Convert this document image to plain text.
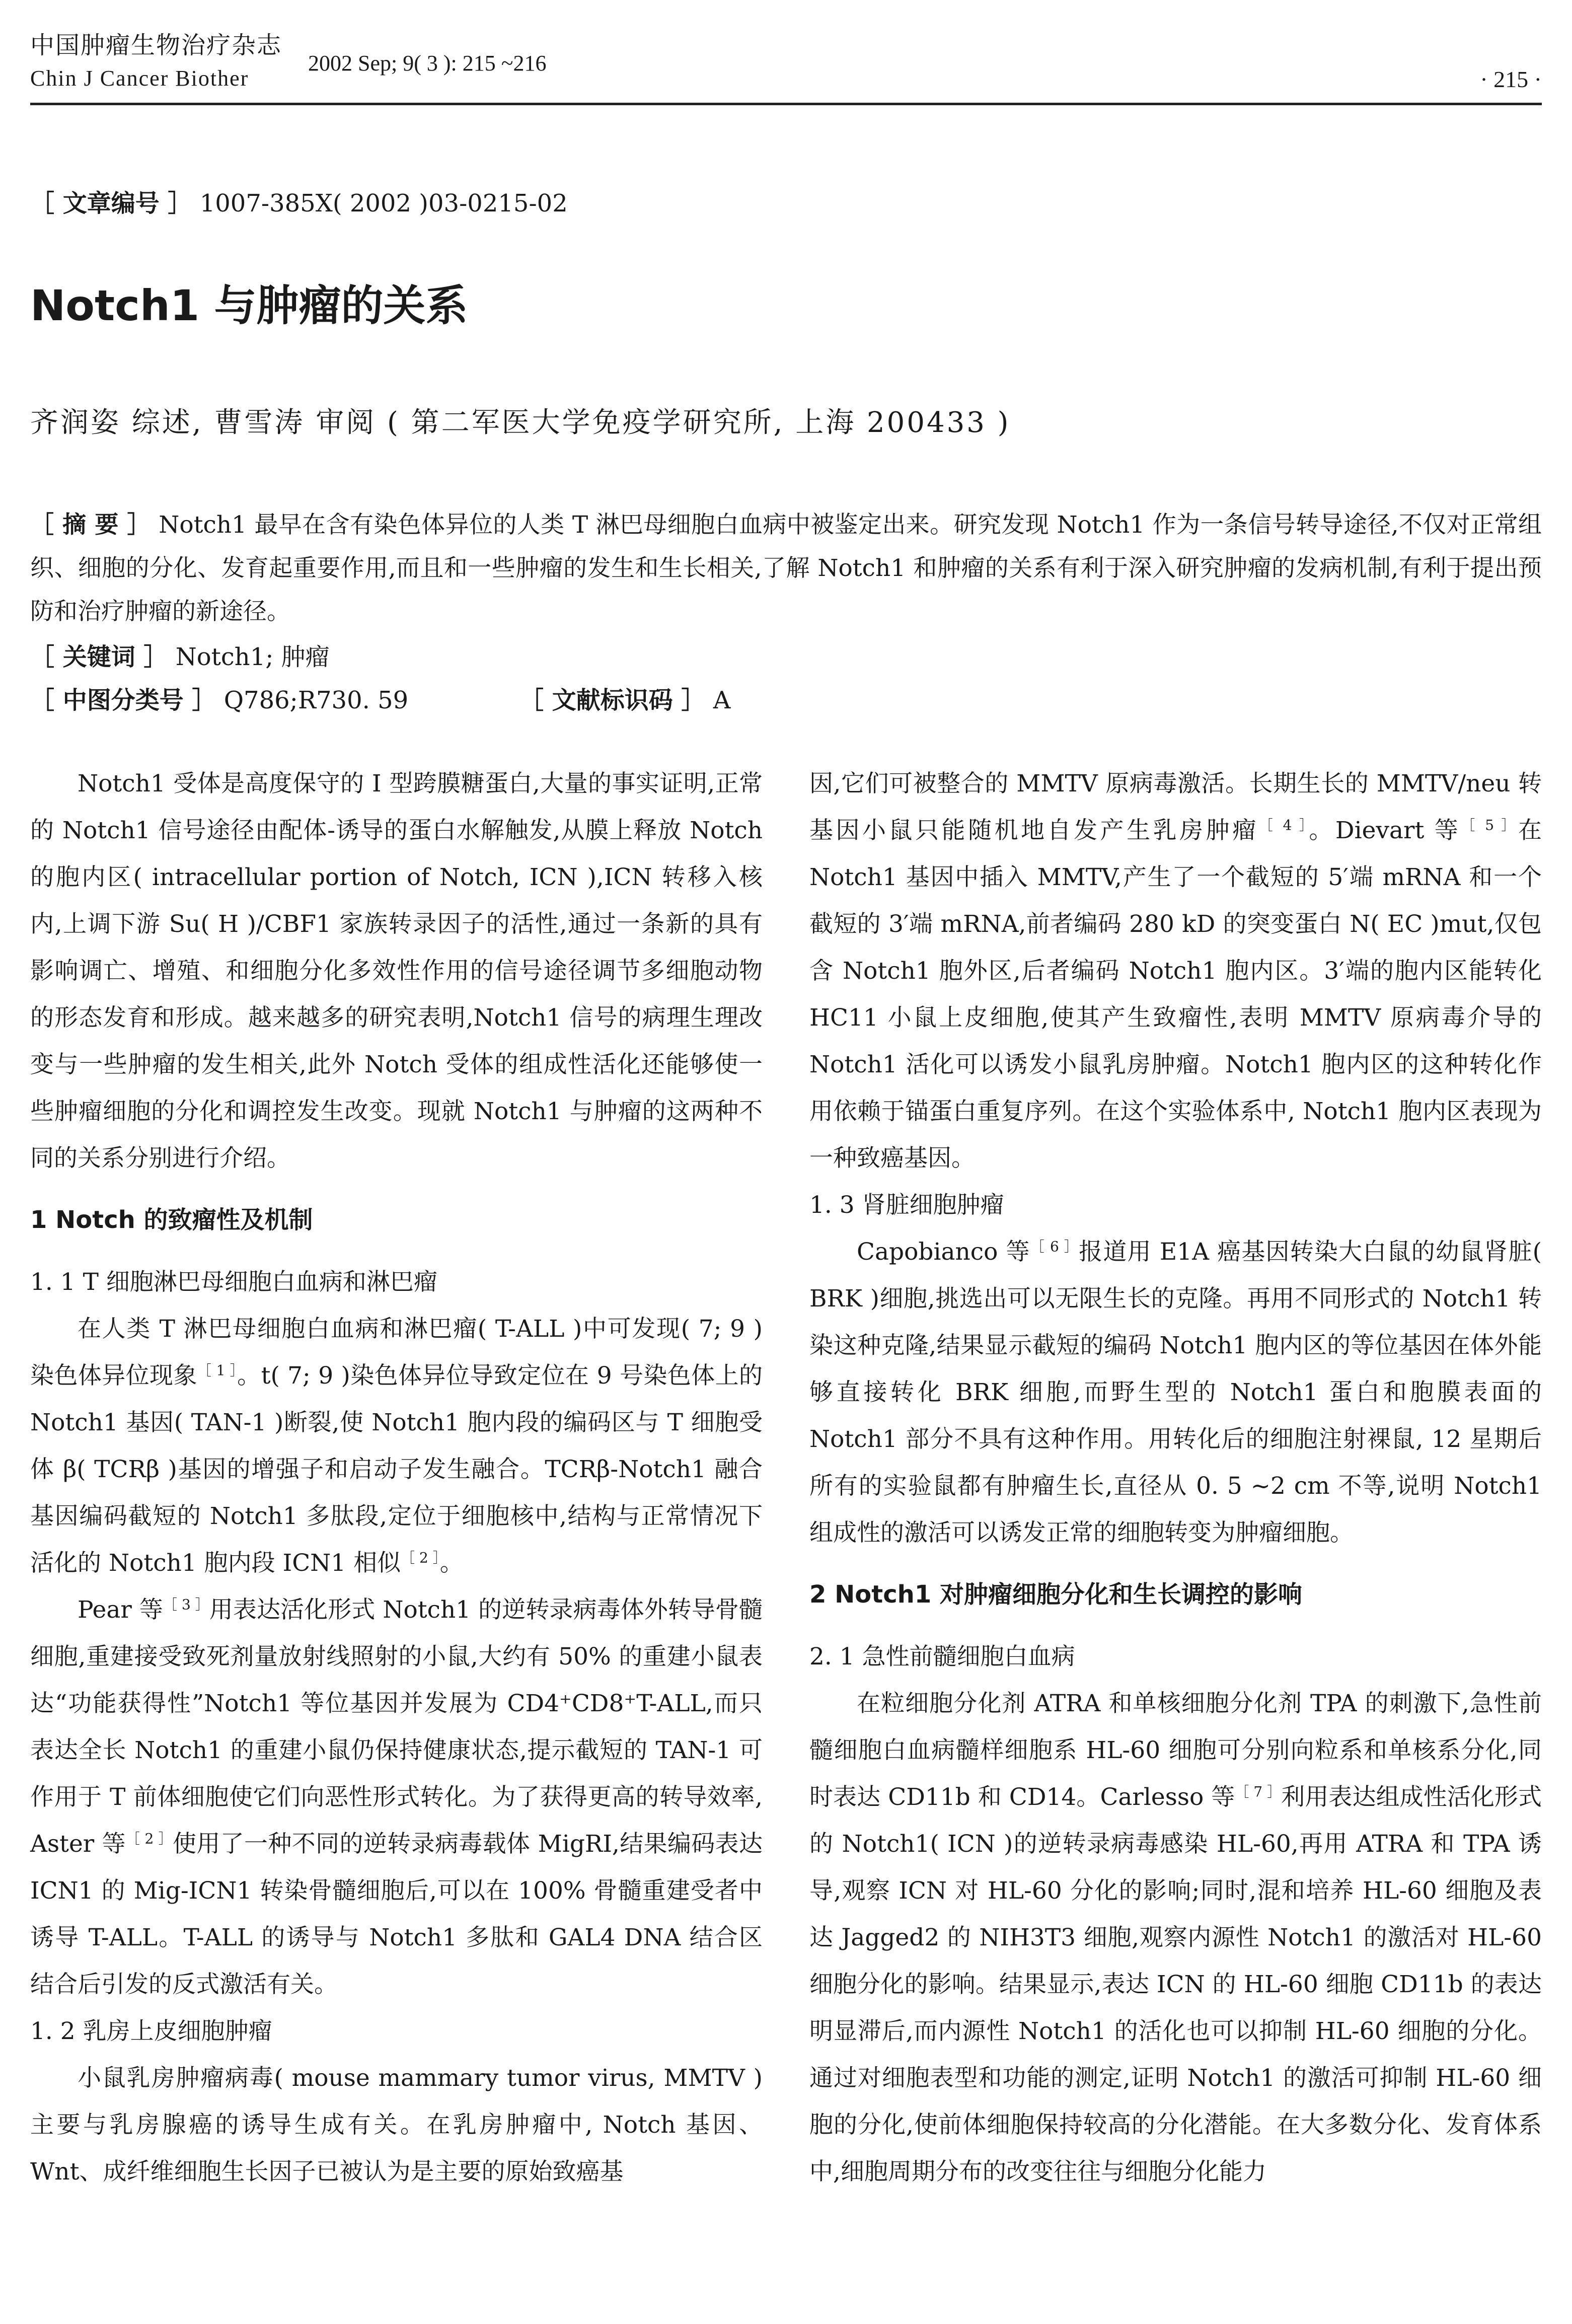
中国肿瘤生物治疗杂志
Chin J Cancer Biother
2002 Sep; 9( 3 ): 215 ~216
· 215 ·
［ 文章编号 ］ 1007-385X( 2002 )03-0215-02
Notch1 与肿瘤的关系
齐润姿 综述, 曹雪涛 审阅 ( 第二军医大学免疫学研究所, 上海 200433 )
［ 摘 要 ］ Notch1 最早在含有染色体异位的人类 T 淋巴母细胞白血病中被鉴定出来。研究发现 Notch1 作为一条信号转导途径,不仅对正常组织、细胞的分化、发育起重要作用,而且和一些肿瘤的发生和生长相关,了解 Notch1 和肿瘤的关系有利于深入研究肿瘤的发病机制,有利于提出预防和治疗肿瘤的新途径。
［ 关键词 ］ Notch1; 肿瘤
［ 中图分类号 ］ Q786;R730. 59	［ 文献标识码 ］ A

Notch1 受体是高度保守的 Ⅰ 型跨膜糖蛋白,大量的事实证明,正常的 Notch1 信号途径由配体-诱导的蛋白水解触发,从膜上释放 Notch 的胞内区( intracellular portion of Notch, ICN ),ICN 转移入核内,上调下游 Su( H )/CBF1 家族转录因子的活性,通过一条新的具有影响调亡、增殖、和细胞分化多效性作用的信号途径调节多细胞动物的形态发育和形成。越来越多的研究表明,Notch1 信号的病理生理改变与一些肿瘤的发生相关,此外 Notch 受体的组成性活化还能够使一些肿瘤细胞的分化和调控发生改变。现就 Notch1 与肿瘤的这两种不同的关系分别进行介绍。

1 Notch 的致瘤性及机制

1. 1 T 细胞淋巴母细胞白血病和淋巴瘤

在人类 T 淋巴母细胞白血病和淋巴瘤( T-ALL )中可发现( 7; 9 )染色体异位现象$^{[ 1 ]}$。t( 7; 9 )染色体异位导致定位在 9 号染色体上的 Notch1 基因( TAN-1 )断裂,使 Notch1 胞内段的编码区与 T 细胞受体 β( TCRβ )基因的增强子和启动子发生融合。TCRβ-Notch1 融合基因编码截短的 Notch1 多肽段,定位于细胞核中,结构与正常情况下活化的 Notch1 胞内段 ICN1 相似$^{[ 2 ]}$。

Pear 等$^{[ 3 ]}$用表达活化形式 Notch1 的逆转录病毒体外转导骨髓细胞,重建接受致死剂量放射线照射的小鼠,大约有 50% 的重建小鼠表达“功能获得性”Notch1 等位基因并发展为 CD4⁺CD8⁺T-ALL,而只表达全长 Notch1 的重建小鼠仍保持健康状态,提示截短的 TAN-1 可作用于 T 前体细胞使它们向恶性形式转化。为了获得更高的转导效率, Aster 等$^{[ 2 ]}$使用了一种不同的逆转录病毒载体 MigRI,结果编码表达 ICN1 的 Mig-ICN1 转染骨髓细胞后,可以在 100% 骨髓重建受者中诱导 T-ALL。T-ALL 的诱导与 Notch1 多肽和 GAL4 DNA 结合区结合后引发的反式激活有关。

1. 2 乳房上皮细胞肿瘤

小鼠乳房肿瘤病毒( mouse mammary tumor virus, MMTV )主要与乳房腺癌的诱导生成有关。在乳房肿瘤中, Notch 基因、Wnt、成纤维细胞生长因子已被认为是主要的原始致癌基

因,它们可被整合的 MMTV 原病毒激活。长期生长的 MMTV/neu 转基因小鼠只能随机地自发产生乳房肿瘤$^{[ 4 ]}$。Dievart 等$^{[ 5 ]}$在 Notch1 基因中插入 MMTV,产生了一个截短的 5′端 mRNA 和一个截短的 3′端 mRNA,前者编码 280 kD 的突变蛋白 N( EC )mut,仅包含 Notch1 胞外区,后者编码 Notch1 胞内区。3′端的胞内区能转化 HC11 小鼠上皮细胞,使其产生致瘤性,表明 MMTV 原病毒介导的 Notch1 活化可以诱发小鼠乳房肿瘤。Notch1 胞内区的这种转化作用依赖于锚蛋白重复序列。在这个实验体系中, Notch1 胞内区表现为一种致癌基因。

1. 3 肾脏细胞肿瘤

Capobianco 等$^{[ 6 ]}$报道用 E1A 癌基因转染大白鼠的幼鼠肾脏( BRK )细胞,挑选出可以无限生长的克隆。再用不同形式的 Notch1 转染这种克隆,结果显示截短的编码 Notch1 胞内区的等位基因在体外能够直接转化 BRK 细胞,而野生型的 Notch1 蛋白和胞膜表面的 Notch1 部分不具有这种作用。用转化后的细胞注射裸鼠, 12 星期后所有的实验鼠都有肿瘤生长,直径从 0. 5 ~2 cm 不等,说明 Notch1 组成性的激活可以诱发正常的细胞转变为肿瘤细胞。

2 Notch1 对肿瘤细胞分化和生长调控的影响

2. 1 急性前髓细胞白血病

在粒细胞分化剂 ATRA 和单核细胞分化剂 TPA 的刺激下,急性前髓细胞白血病髓样细胞系 HL-60 细胞可分别向粒系和单核系分化,同时表达 CD11b 和 CD14。Carlesso 等$^{[ 7 ]}$利用表达组成性活化形式的 Notch1( ICN )的逆转录病毒感染 HL-60,再用 ATRA 和 TPA 诱导,观察 ICN 对 HL-60 分化的影响;同时,混和培养 HL-60 细胞及表达 Jagged2 的 NIH3T3 细胞,观察内源性 Notch1 的激活对 HL-60 细胞分化的影响。结果显示,表达 ICN 的 HL-60 细胞 CD11b 的表达明显滞后,而内源性 Notch1 的活化也可以抑制 HL-60 细胞的分化。通过对细胞表型和功能的测定,证明 Notch1 的激活可抑制 HL-60 细胞的分化,使前体细胞保持较高的分化潜能。在大多数分化、发育体系中,细胞周期分布的改变往往与细胞分化能力
